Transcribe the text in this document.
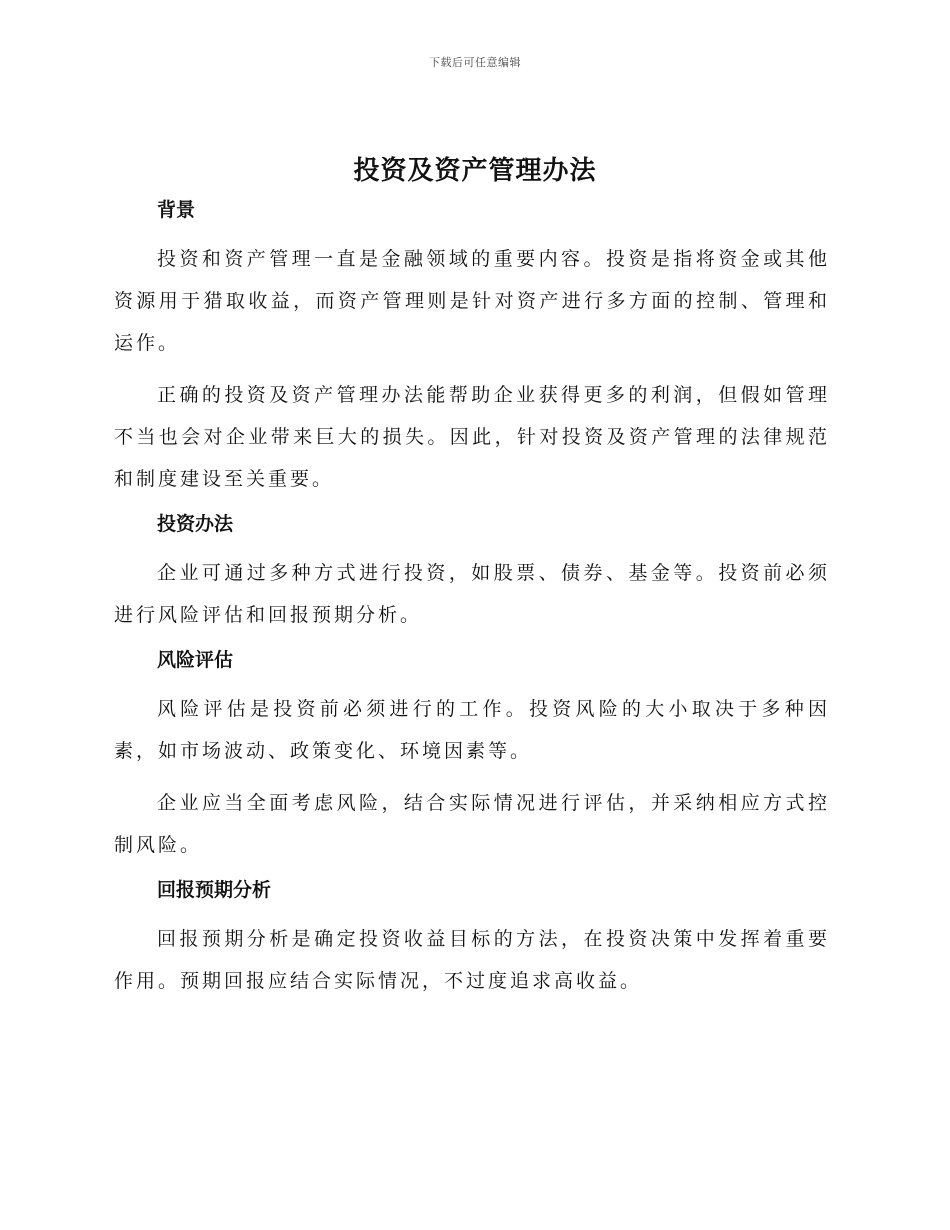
下载后可任意编辑
投资及资产管理办法
背景

投资和资产管理一直是金融领域的重要内容。投资是指将资金或其他资源用于猎取收益，而资产管理则是针对资产进行多方面的控制、管理和运作。

正确的投资及资产管理办法能帮助企业获得更多的利润，但假如管理不当也会对企业带来巨大的损失。因此，针对投资及资产管理的法律规范和制度建设至关重要。

投资办法

企业可通过多种方式进行投资，如股票、债券、基金等。投资前必须进行风险评估和回报预期分析。

风险评估

风险评估是投资前必须进行的工作。投资风险的大小取决于多种因素，如市场波动、政策变化、环境因素等。

企业应当全面考虑风险，结合实际情况进行评估，并采纳相应方式控制风险。

回报预期分析

回报预期分析是确定投资收益目标的方法，在投资决策中发挥着重要作用。预期回报应结合实际情况，不过度追求高收益。
